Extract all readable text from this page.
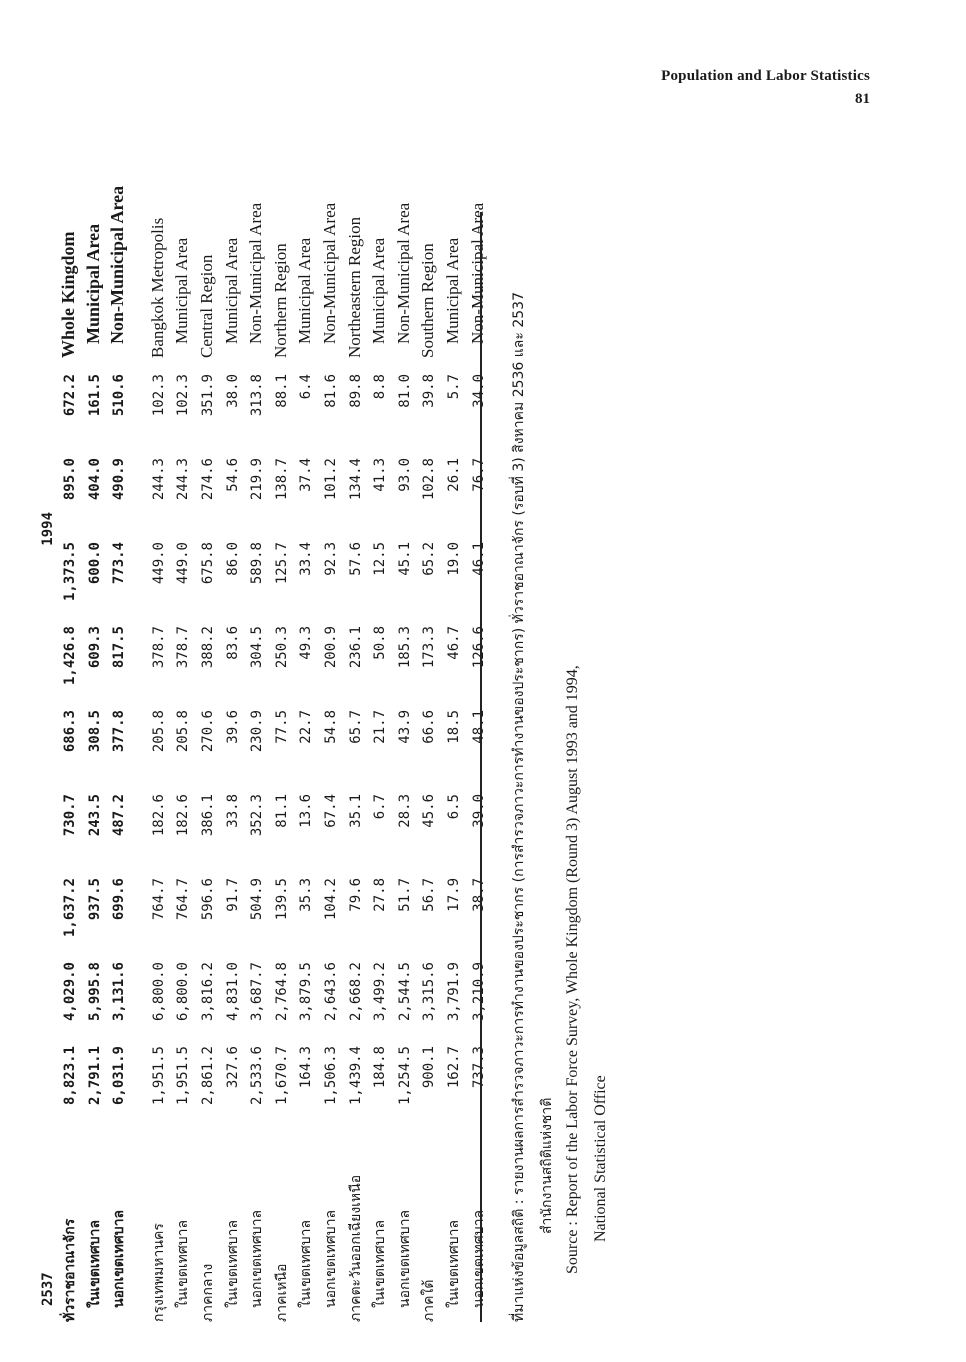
Population and Labor Statistics
81
2537
1994
ทั่วราชอาณาจักร
8,823.1
4,029.0
1,637.2
730.7
686.3
1,426.8
1,373.5
895.0
672.2
Whole Kingdom
ในเขตเทศบาล
2,791.1
5,995.8
937.5
243.5
308.5
609.3
600.0
404.0
161.5
Municipal Area
นอกเขตเทศบาล
6,031.9
3,131.6
699.6
487.2
377.8
817.5
773.4
490.9
510.6
Non-Municipal Area
กรุงเทพมหานคร
1,951.5
6,800.0
764.7
182.6
205.8
378.7
449.0
244.3
102.3
Bangkok Metropolis
ในเขตเทศบาล
1,951.5
6,800.0
764.7
182.6
205.8
378.7
449.0
244.3
102.3
Municipal Area
ภาคกลาง
2,861.2
3,816.2
596.6
386.1
270.6
388.2
675.8
274.6
351.9
Central Region
ในเขตเทศบาล
327.6
4,831.0
91.7
33.8
39.6
83.6
86.0
54.6
38.0
Municipal Area
นอกเขตเทศบาล
2,533.6
3,687.7
504.9
352.3
230.9
304.5
589.8
219.9
313.8
Non-Municipal Area
ภาคเหนือ
1,670.7
2,764.8
139.5
81.1
77.5
250.3
125.7
138.7
88.1
Northern Region
ในเขตเทศบาล
164.3
3,879.5
35.3
13.6
22.7
49.3
33.4
37.4
6.4
Municipal Area
นอกเขตเทศบาล
1,506.3
2,643.6
104.2
67.4
54.8
200.9
92.3
101.2
81.6
Non-Municipal Area
ภาคตะวันออกเฉียงเหนือ
1,439.4
2,668.2
79.6
35.1
65.7
236.1
57.6
134.4
89.8
Northeastern Region
ในเขตเทศบาล
184.8
3,499.2
27.8
6.7
21.7
50.8
12.5
41.3
8.8
Municipal Area
นอกเขตเทศบาล
1,254.5
2,544.5
51.7
28.3
43.9
185.3
45.1
93.0
81.0
Non-Municipal Area
ภาคใต้
900.1
3,315.6
56.7
45.6
66.6
173.3
65.2
102.8
39.8
Southern Region
ในเขตเทศบาล
162.7
3,791.9
17.9
6.5
18.5
46.7
19.0
26.1
5.7
Municipal Area
นอกเขตเทศบาล
737.3
3,210.9
38.7
39.0
48.1
126.6
46.1
76.7
34.0
Non-Municipal Area
ที่มาแห่งข้อมูลสถิติ : รายงานผลการสำรวจภาวะการทำงานของประชากร (การสำรวจภาวะการทำงานของประชากร) ทั่วราชอาณาจักร (รอบที่ 3) สิงหาคม 2536 และ 2537 สำนักงานสถิติแห่งชาติ
Source : Report of the Labor Force Survey, Whole Kingdom (Round 3) August 1993 and 1994, National Statistical Office
